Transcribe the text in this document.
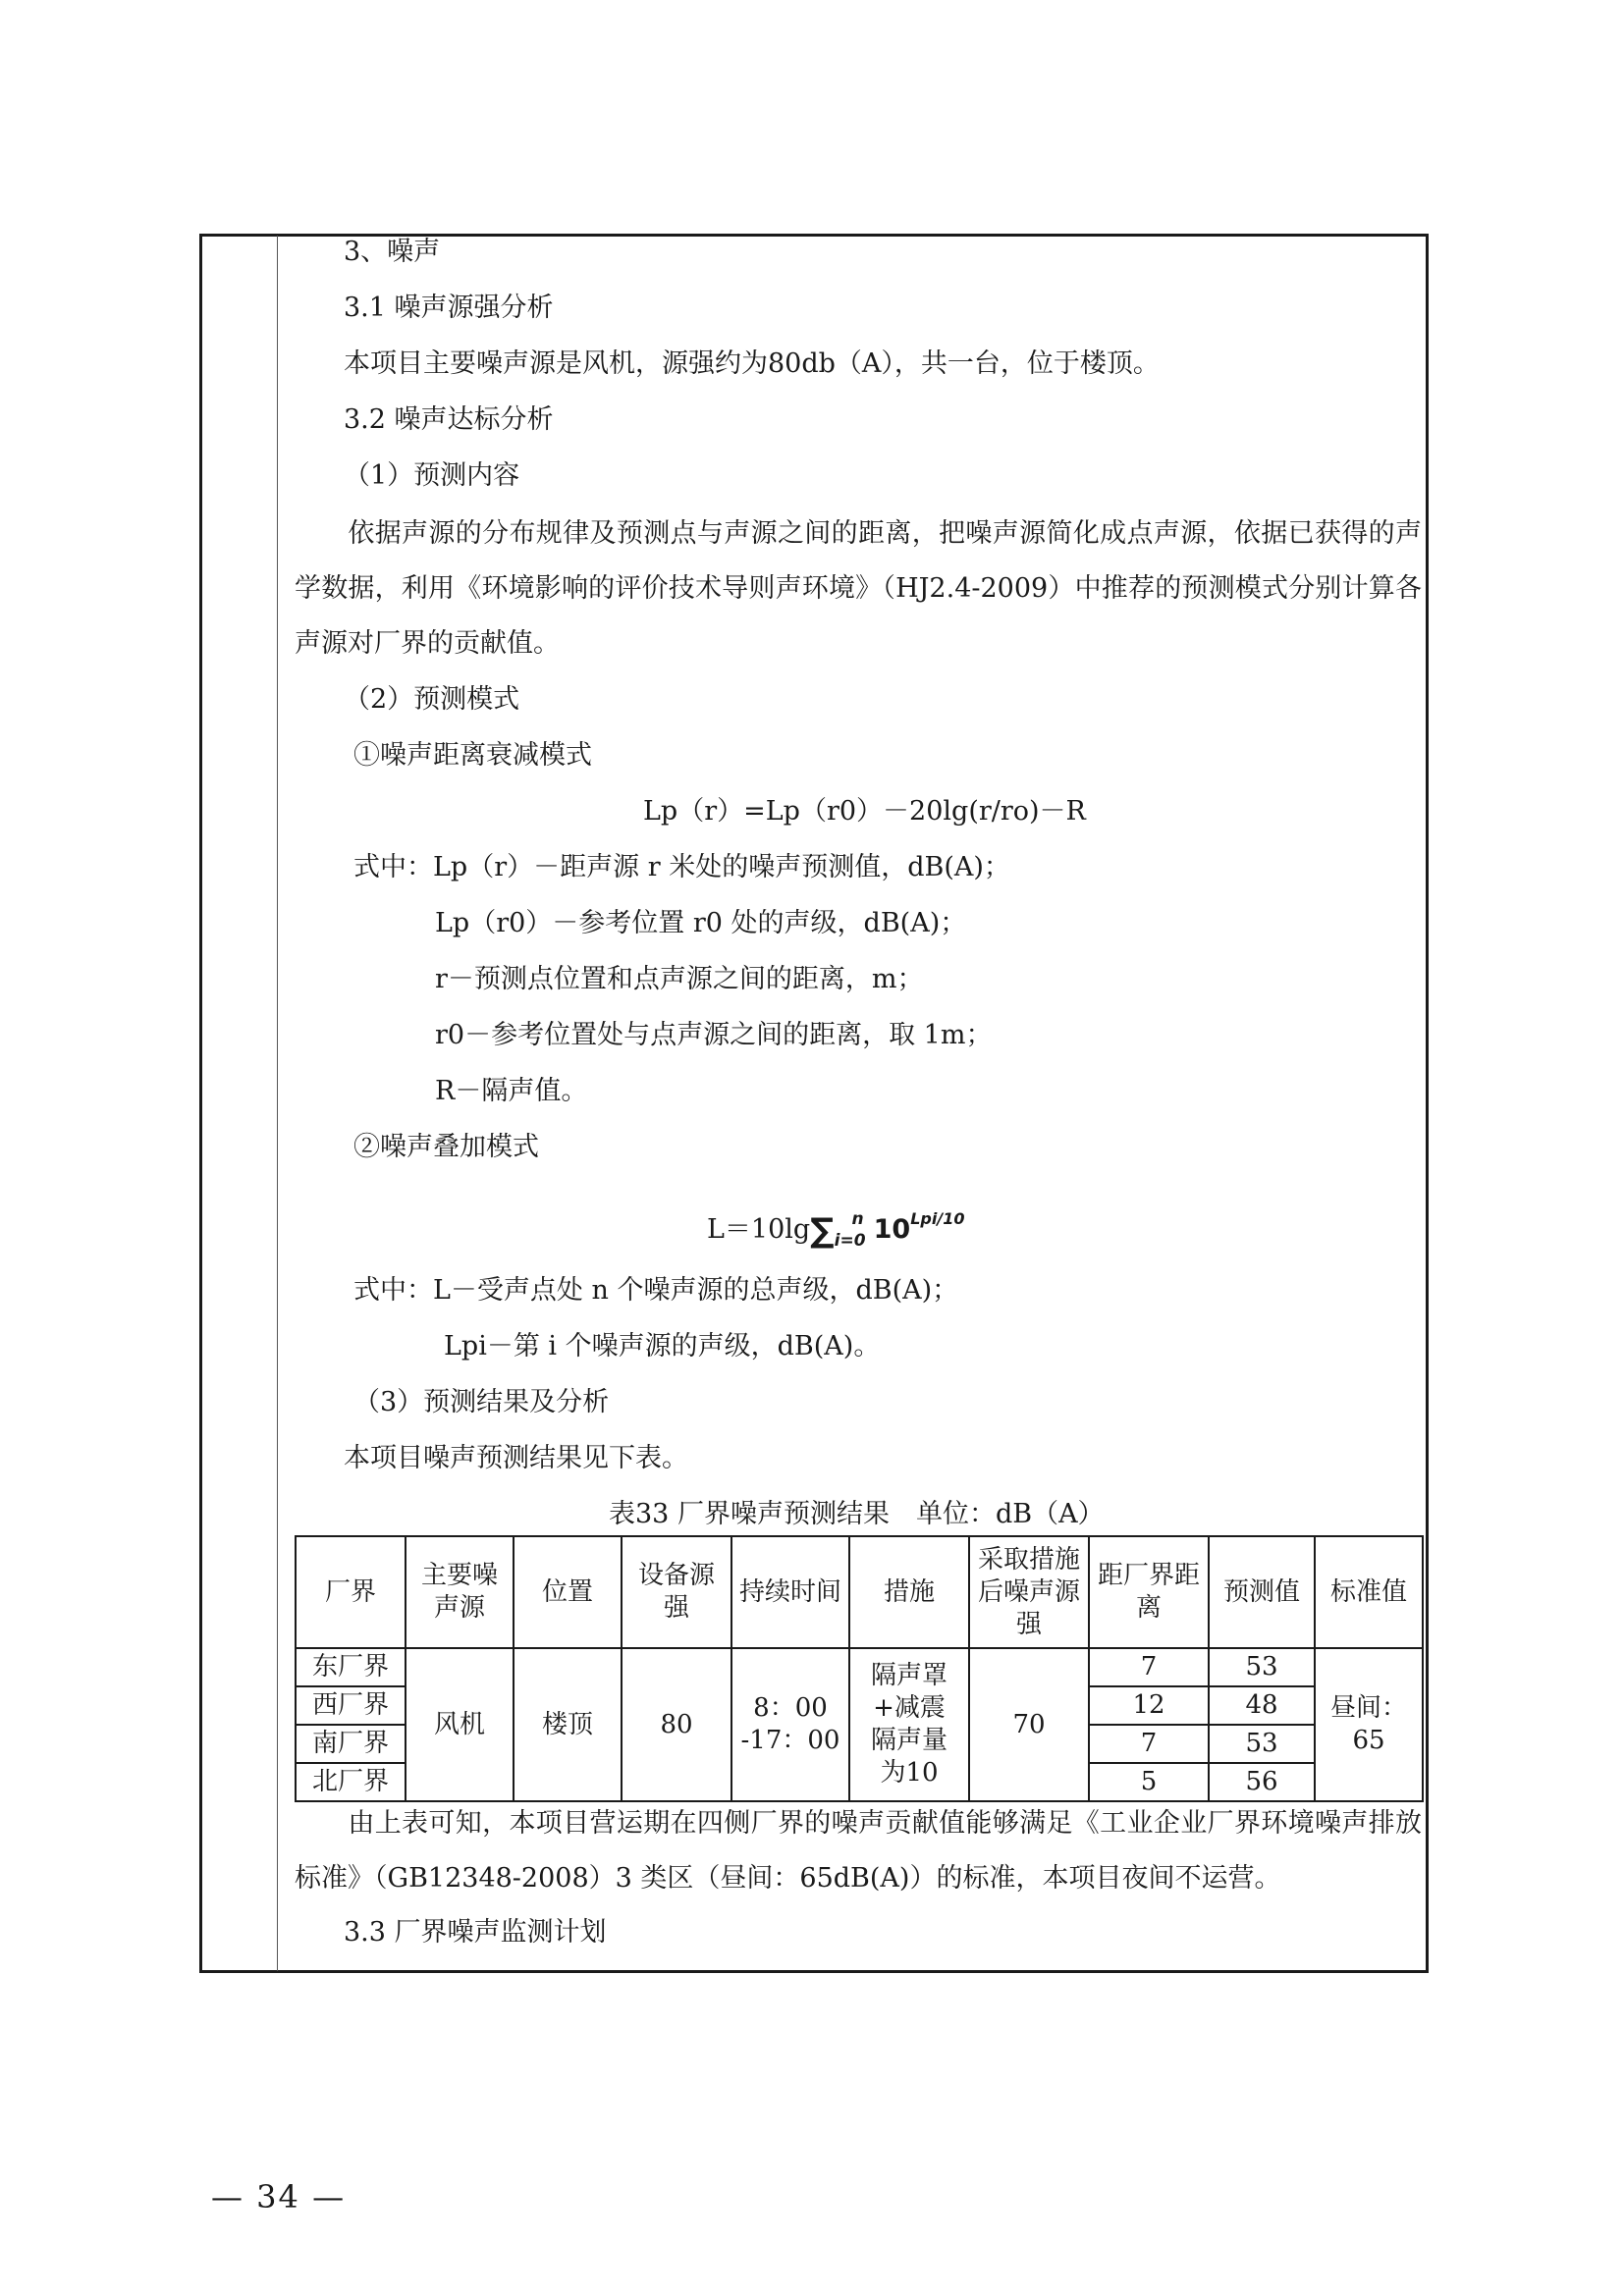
3、噪声
3.1 噪声源强分析
本项目主要噪声源是风机，源强约为80db（A），共一台，位于楼顶。
3.2 噪声达标分析
（1）预测内容
依据声源的分布规律及预测点与声源之间的距离，把噪声源简化成点声源，依据已获得的声学数据，利用《环境影响的评价技术导则声环境》（HJ2.4-2009）中推荐的预测模式分别计算各声源对厂界的贡献值。
（2）预测模式
①噪声距离衰减模式
Lp（r）=Lp（r0）－20lg(r/ro)－R
式中：Lp（r）－距声源 r 米处的噪声预测值，dB(A)；
Lp（r0）－参考位置 r0 处的声级，dB(A)；
r－预测点位置和点声源之间的距离，m；
r0－参考位置处与点声源之间的距离，取 1m；
R－隔声值。
②噪声叠加模式
$L=10\lg\sum_{i=0}^n$ $10^{Lpi/10}$
式中：L－受声点处 n 个噪声源的总声级，dB(A)；
Lpi－第 i 个噪声源的声级，dB(A)。
（3）预测结果及分析
本项目噪声预测结果见下表。
表33 厂界噪声预测结果　单位：dB（A）
厂界	主要噪声源	位置	设备源强	持续时间	措施	采取措施后噪声源强	距厂界距离	预测值	标准值
东厂界	风机	楼顶	80	8：00
-17：00	隔声罩
+减震
隔声量
为10	70	7	53	昼间：
65
西厂界							12	48	
南厂界							7	53	
北厂界							5	56	
由上表可知，本项目营运期在四侧厂界的噪声贡献值能够满足《工业企业厂界环境噪声排放标准》（GB12348-2008）3 类区（昼间：65dB(A)）的标准，本项目夜间不运营。
3.3 厂界噪声监测计划
— 34 —
